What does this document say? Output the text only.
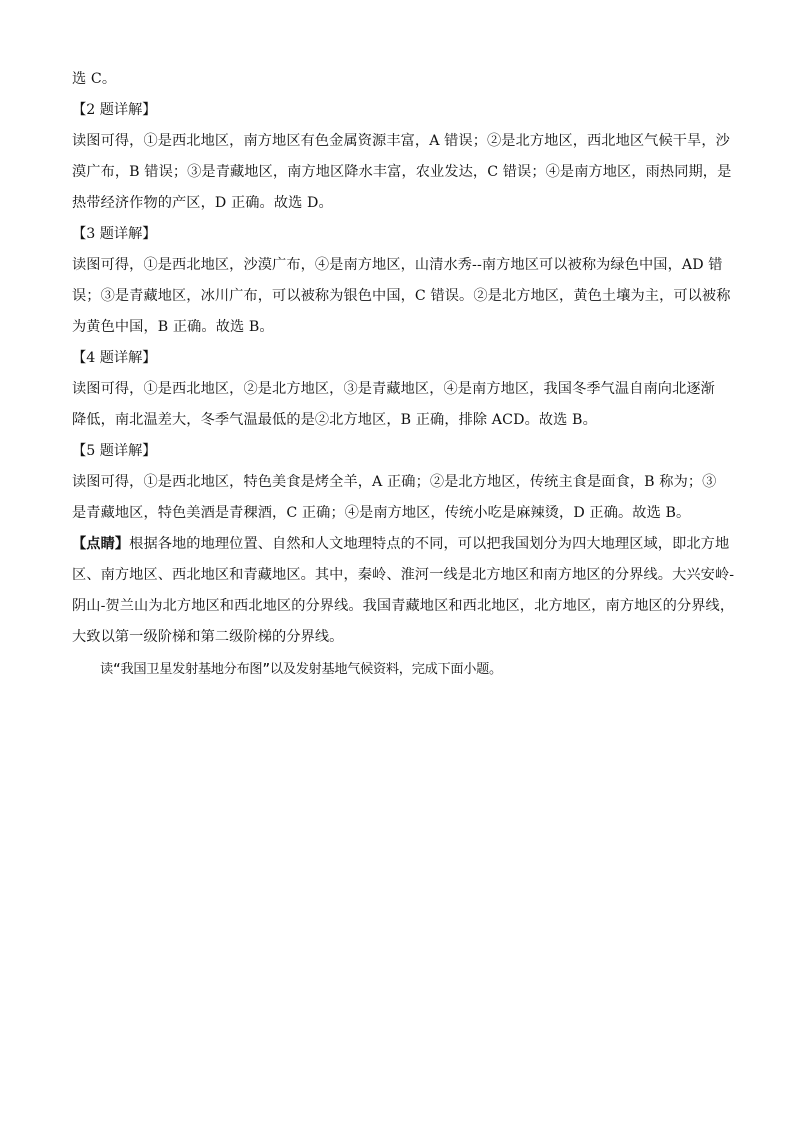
选 C。
【2 题详解】
读图可得，①是西北地区，南方地区有色金属资源丰富，A 错误；②是北方地区，西北地区气候干旱，沙
漠广布，B 错误；③是青藏地区，南方地区降水丰富，农业发达，C 错误；④是南方地区，雨热同期，是
热带经济作物的产区，D 正确。故选 D。
【3 题详解】
读图可得，①是西北地区，沙漠广布，④是南方地区，山清水秀--南方地区可以被称为绿色中国，AD 错
误；③是青藏地区，冰川广布，可以被称为银色中国，C 错误。②是北方地区，黄色土壤为主，可以被称
为黄色中国，B 正确。故选 B。
【4 题详解】
读图可得，①是西北地区，②是北方地区，③是青藏地区，④是南方地区，我国冬季气温自南向北逐渐
降低，南北温差大，冬季气温最低的是②北方地区，B 正确，排除 ACD。故选 B。
【5 题详解】
读图可得，①是西北地区，特色美食是烤全羊，A 正确；②是北方地区，传统主食是面食，B 称为；③
是青藏地区，特色美酒是青稞酒，C 正确；④是南方地区，传统小吃是麻辣烫，D 正确。故选 B。
【点睛】根据各地的地理位置、自然和人文地理特点的不同，可以把我国划分为四大地理区域，即北方地
区、南方地区、西北地区和青藏地区。其中，秦岭、淮河一线是北方地区和南方地区的分界线。大兴安岭-
阴山-贺兰山为北方地区和西北地区的分界线。我国青藏地区和西北地区，北方地区，南方地区的分界线，
大致以第一级阶梯和第二级阶梯的分界线。
读“我国卫星发射基地分布图”以及发射基地气候资料，完成下面小题。
